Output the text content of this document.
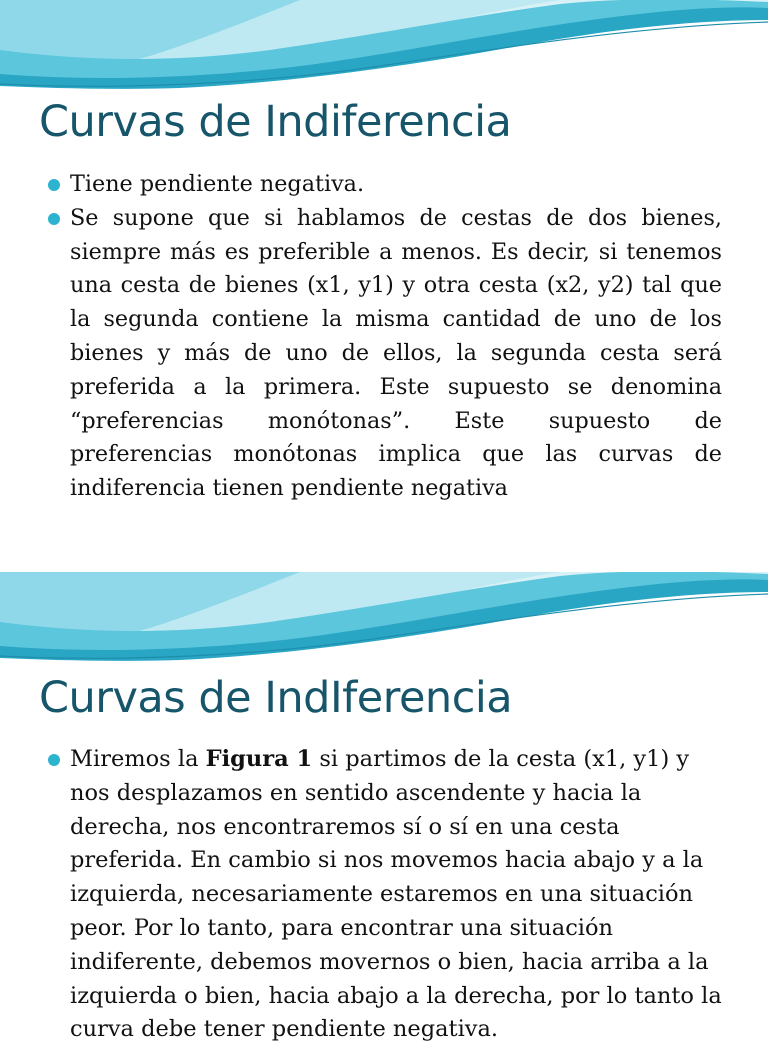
Curvas de Indiferencia
Tiene pendiente negativa.
Se supone que si hablamos de cestas de dos bienes, siempre más es preferible a menos. Es decir, si tenemos una cesta de bienes (x1, y1) y otra cesta (x2, y2) tal que la segunda contiene la misma cantidad de uno de los bienes y más de uno de ellos, la segunda cesta será preferida a la primera. Este supuesto se denomina “preferencias monótonas”. Este supuesto de preferencias monótonas implica que las curvas de indiferencia tienen pendiente negativa
Curvas de IndIferencia
Miremos la Figura 1 si partimos de la cesta (x1, y1) y nos desplazamos en sentido ascendente y hacia la derecha, nos encontraremos sí o sí en una cesta preferida. En cambio si nos movemos hacia abajo y a la izquierda, necesariamente estaremos en una situación peor. Por lo tanto, para encontrar una situación indiferente, debemos movernos o bien, hacia arriba a la izquierda o bien, hacia abajo a la derecha, por lo tanto la curva debe tener pendiente negativa.
